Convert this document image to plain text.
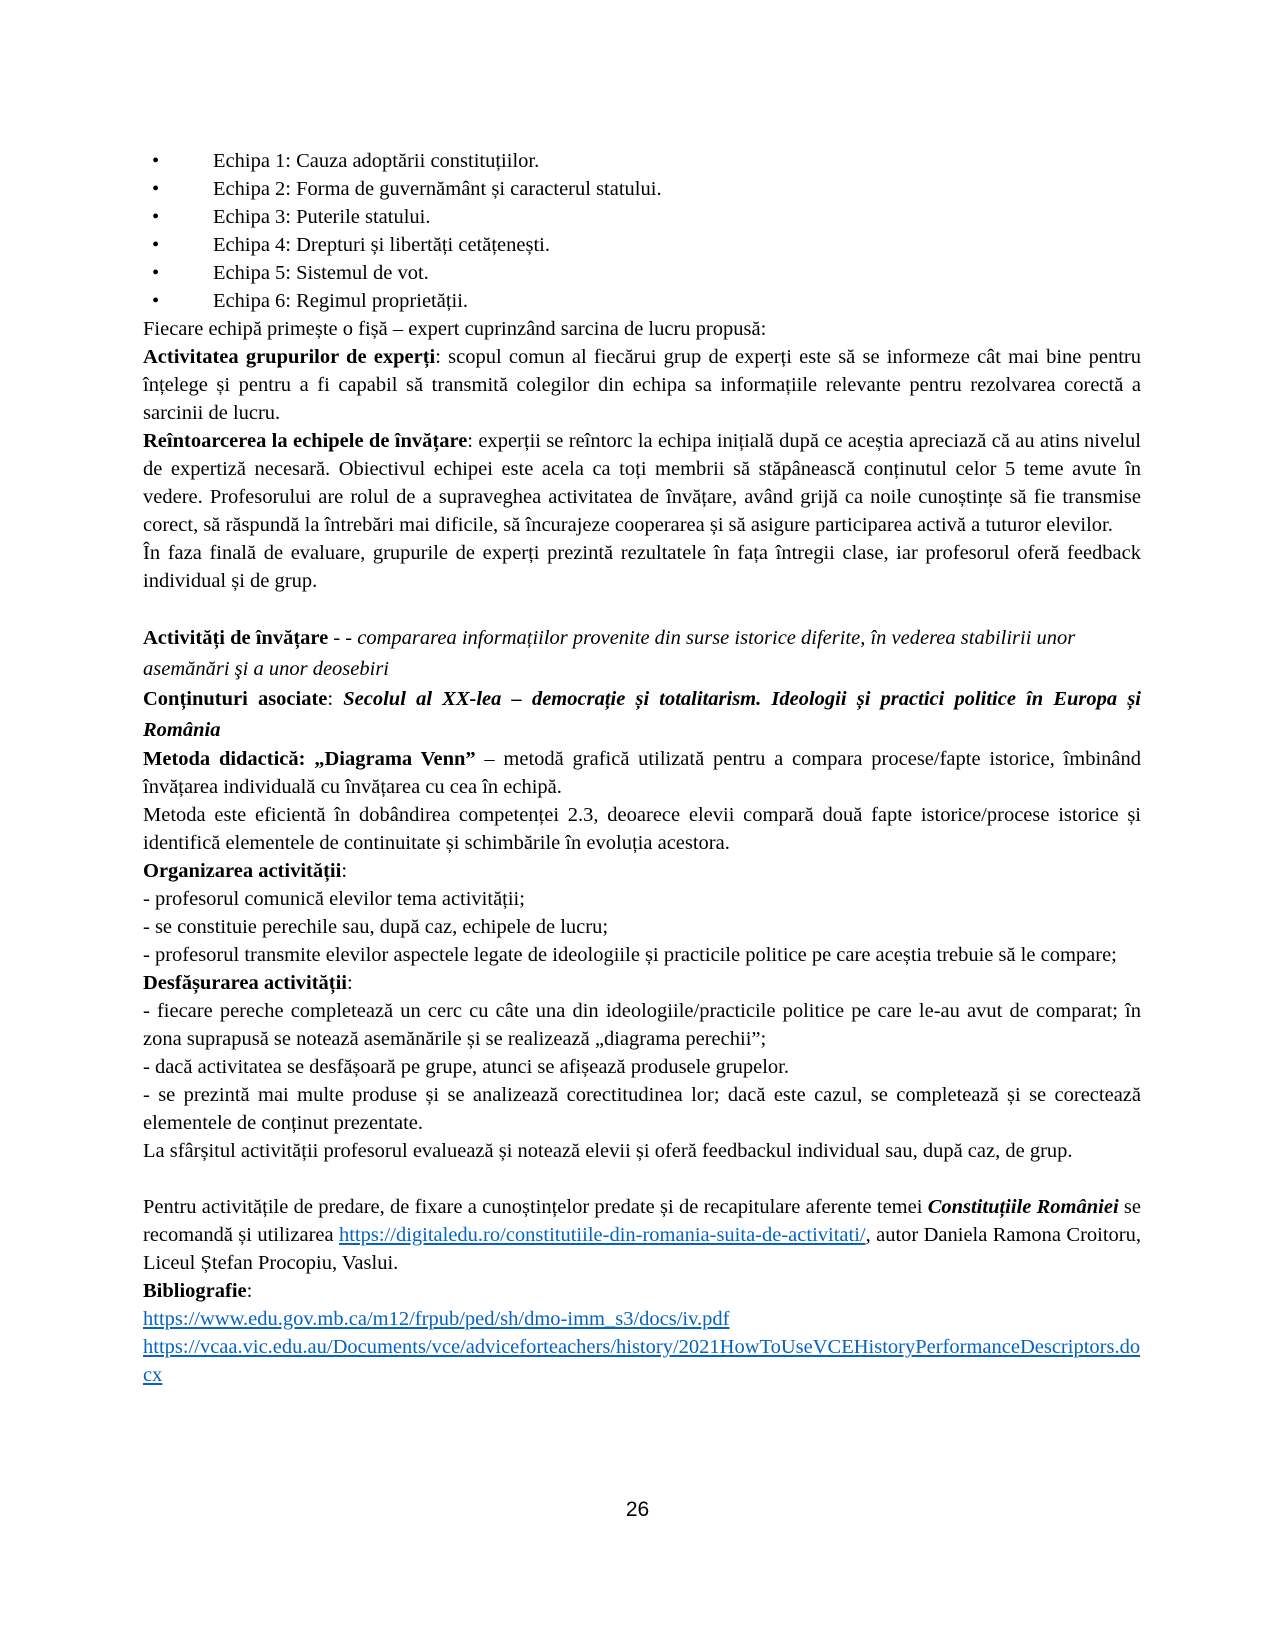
•	Echipa 1: Cauza adoptării constituțiilor.
•	Echipa 2: Forma de guvernământ și caracterul statului.
•	Echipa 3: Puterile statului.
•	Echipa 4: Drepturi și libertăți cetățenești.
•	Echipa 5: Sistemul de vot.
•	Echipa 6: Regimul proprietății.

Fiecare echipă primește o fișă – expert cuprinzând sarcina de lucru propusă:

Activitatea grupurilor de experți: scopul comun al fiecărui grup de experți este să se informeze cât mai bine pentru înțelege și pentru a fi capabil să transmită colegilor din echipa sa informațiile relevante pentru rezolvarea corectă a sarcinii de lucru.

Reîntoarcerea la echipele de învățare: experții se reîntorc la echipa inițială după ce aceștia apreciază că au atins nivelul de expertiză necesară. Obiectivul echipei este acela ca toți membrii să stăpânească conținutul celor 5 teme avute în vedere. Profesorului are rolul de a supraveghea activitatea de învățare, având grijă ca noile cunoștințe să fie transmise corect, să răspundă la întrebări mai dificile, să încurajeze cooperarea și să asigure participarea activă a tuturor elevilor.

În faza finală de evaluare, grupurile de experți prezintă rezultatele în fața întregii clase, iar profesorul oferă feedback individual și de grup.

Activități de învățare - - compararea informațiilor provenite din surse istorice diferite, în vederea stabilirii unor asemănări şi a unor deosebiri

Conținuturi asociate: Secolul al XX-lea – democrație și totalitarism. Ideologii și practici politice în Europa și România

Metoda didactică: „Diagrama Venn” – metodă grafică utilizată pentru a compara procese/fapte istorice, îmbinând învățarea individuală cu învățarea cu cea în echipă.

Metoda este eficientă în dobândirea competenței 2.3, deoarece elevii compară două fapte istorice/procese istorice și identifică elementele de continuitate și schimbările în evoluția acestora.

Organizarea activității:

- profesorul comunică elevilor tema activității;

- se constituie perechile sau, după caz, echipele de lucru;

- profesorul transmite elevilor aspectele legate de ideologiile și practicile politice pe care aceștia trebuie să le compare;

Desfășurarea activității:

- fiecare pereche completează un cerc cu câte una din ideologiile/practicile politice pe care le-au avut de comparat; în zona suprapusă se notează asemănările și se realizează „diagrama perechii”;

- dacă activitatea se desfășoară pe grupe, atunci se afișează produsele grupelor.

- se prezintă mai multe produse și se analizează corectitudinea lor; dacă este cazul, se completează și se corectează elementele de conținut prezentate.

La sfârșitul activității profesorul evaluează și notează elevii și oferă feedbackul individual sau, după caz, de grup.

Pentru activitățile de predare, de fixare a cunoștințelor predate și de recapitulare aferente temei Constituțiile României se recomandă și utilizarea https://digitaledu.ro/constitutiile-din-romania-suita-de-activitati/, autor Daniela Ramona Croitoru, Liceul Ștefan Procopiu, Vaslui.

Bibliografie:

https://www.edu.gov.mb.ca/m12/frpub/ped/sh/dmo-imm_s3/docs/iv.pdf

https://vcaa.vic.edu.au/Documents/vce/adviceforteachers/history/2021HowToUseVCEHistoryPerformanceDescriptors.docx

26
